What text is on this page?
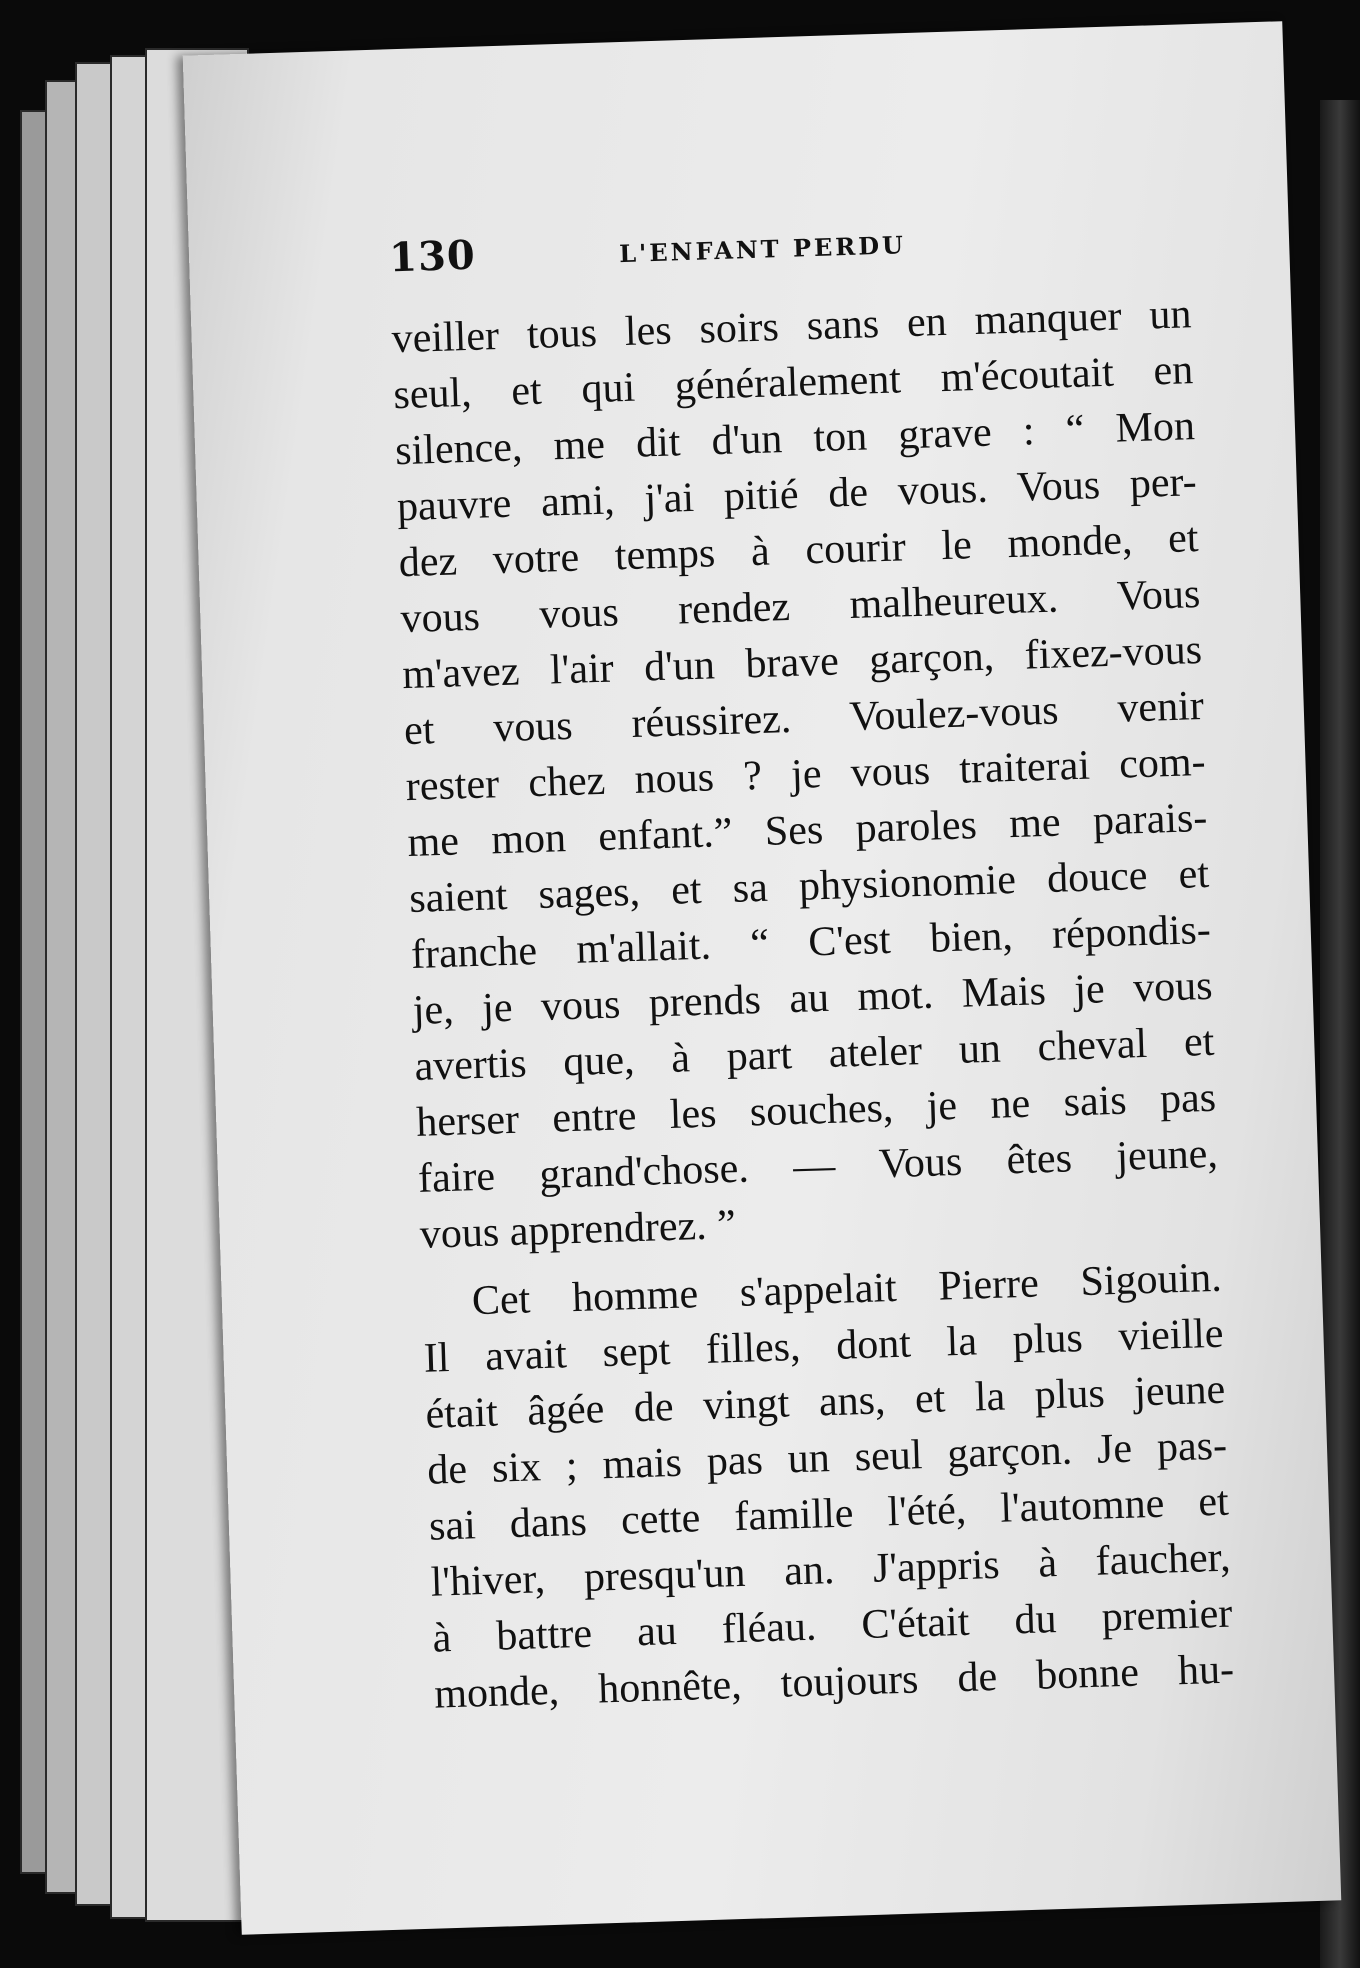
130	L'ENFANT PERDU
veiller tous les soirs sans en manquer un
seul, et qui généralement m'écoutait en
silence, me dit d'un ton grave : “ Mon
pauvre ami, j'ai pitié de vous. Vous per-
dez votre temps à courir le monde, et
vous vous rendez malheureux. Vous
m'avez l'air d'un brave garçon, fixez-vous
et vous réussirez. Voulez-vous venir
rester chez nous ? je vous traiterai com-
me mon enfant.” Ses paroles me parais-
saient sages, et sa physionomie douce et
franche m'allait. “ C'est bien, répondis-
je, je vous prends au mot. Mais je vous
avertis que, à part ateler un cheval et
herser entre les souches, je ne sais pas
faire grand'chose. — Vous êtes jeune,
vous apprendrez. ”
Cet homme s'appelait Pierre Sigouin.
Il avait sept filles, dont la plus vieille
était âgée de vingt ans, et la plus jeune
de six ; mais pas un seul garçon. Je pas-
sai dans cette famille l'été, l'automne et
l'hiver, presqu'un an. J'appris à faucher,
à battre au fléau. C'était du premier
monde, honnête, toujours de bonne hu-
